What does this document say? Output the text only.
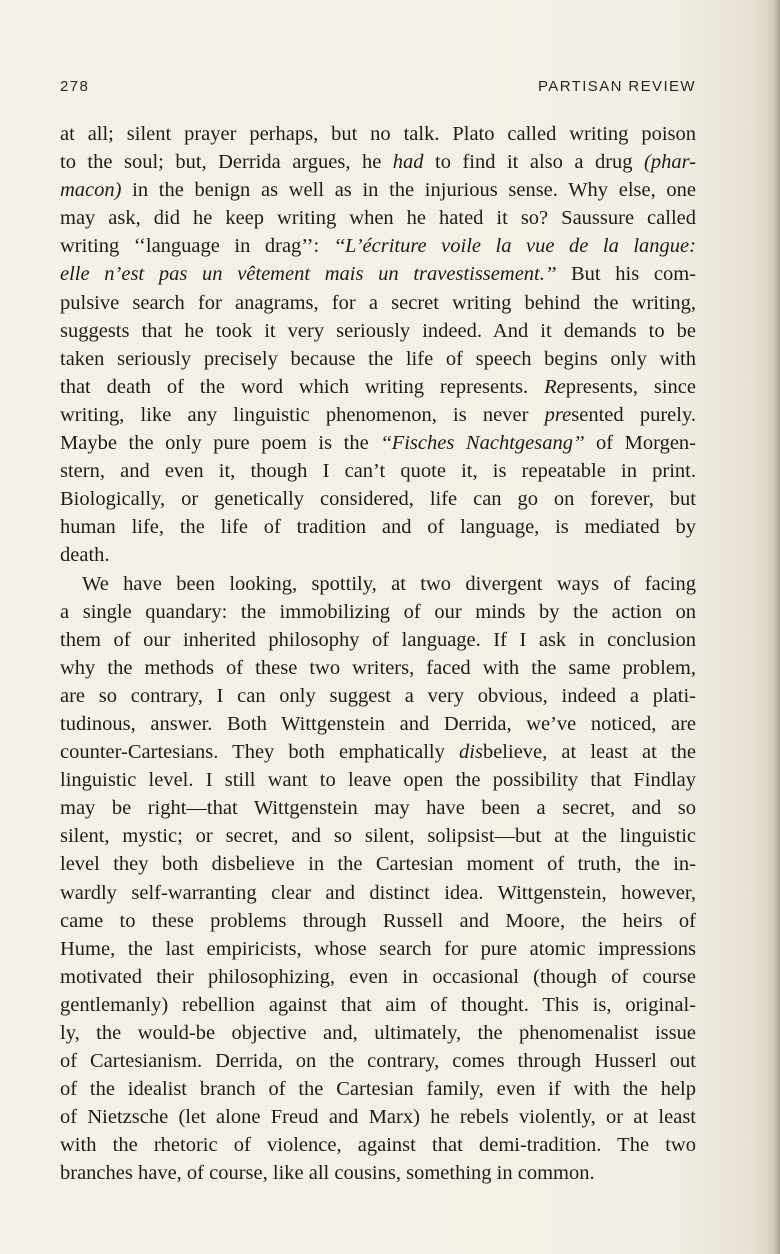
278	PARTISAN REVIEW
at all; silent prayer perhaps, but no talk. Plato called writing poison
to the soul; but, Derrida argues, he had to find it also a drug (phar-
macon) in the benign as well as in the injurious sense. Why else, one
may ask, did he keep writing when he hated it so? Saussure called
writing ‘‘language in drag’’: ‘‘L’écriture voile la vue de la langue:
elle n’est pas un vêtement mais un travestissement.’’ But his com-
pulsive search for anagrams, for a secret writing behind the writing,
suggests that he took it very seriously indeed. And it demands to be
taken seriously precisely because the life of speech begins only with
that death of the word which writing represents. Represents, since
writing, like any linguistic phenomenon, is never presented purely.
Maybe the only pure poem is the ‘‘Fisches Nachtgesang’’ of Morgen-
stern, and even it, though I can’t quote it, is repeatable in print.
Biologically, or genetically considered, life can go on forever, but
human life, the life of tradition and of language, is mediated by
death.
We have been looking, spottily, at two divergent ways of facing
a single quandary: the immobilizing of our minds by the action on
them of our inherited philosophy of language. If I ask in conclusion
why the methods of these two writers, faced with the same problem,
are so contrary, I can only suggest a very obvious, indeed a plati-
tudinous, answer. Both Wittgenstein and Derrida, we’ve noticed, are
counter-Cartesians. They both emphatically disbelieve, at least at the
linguistic level. I still want to leave open the possibility that Findlay
may be right—that Wittgenstein may have been a secret, and so
silent, mystic; or secret, and so silent, solipsist—but at the linguistic
level they both disbelieve in the Cartesian moment of truth, the in-
wardly self-warranting clear and distinct idea. Wittgenstein, however,
came to these problems through Russell and Moore, the heirs of
Hume, the last empiricists, whose search for pure atomic impressions
motivated their philosophizing, even in occasional (though of course
gentlemanly) rebellion against that aim of thought. This is, original-
ly, the would-be objective and, ultimately, the phenomenalist issue
of Cartesianism. Derrida, on the contrary, comes through Husserl out
of the idealist branch of the Cartesian family, even if with the help
of Nietzsche (let alone Freud and Marx) he rebels violently, or at least
with the rhetoric of violence, against that demi-tradition. The two
branches have, of course, like all cousins, something in common.
